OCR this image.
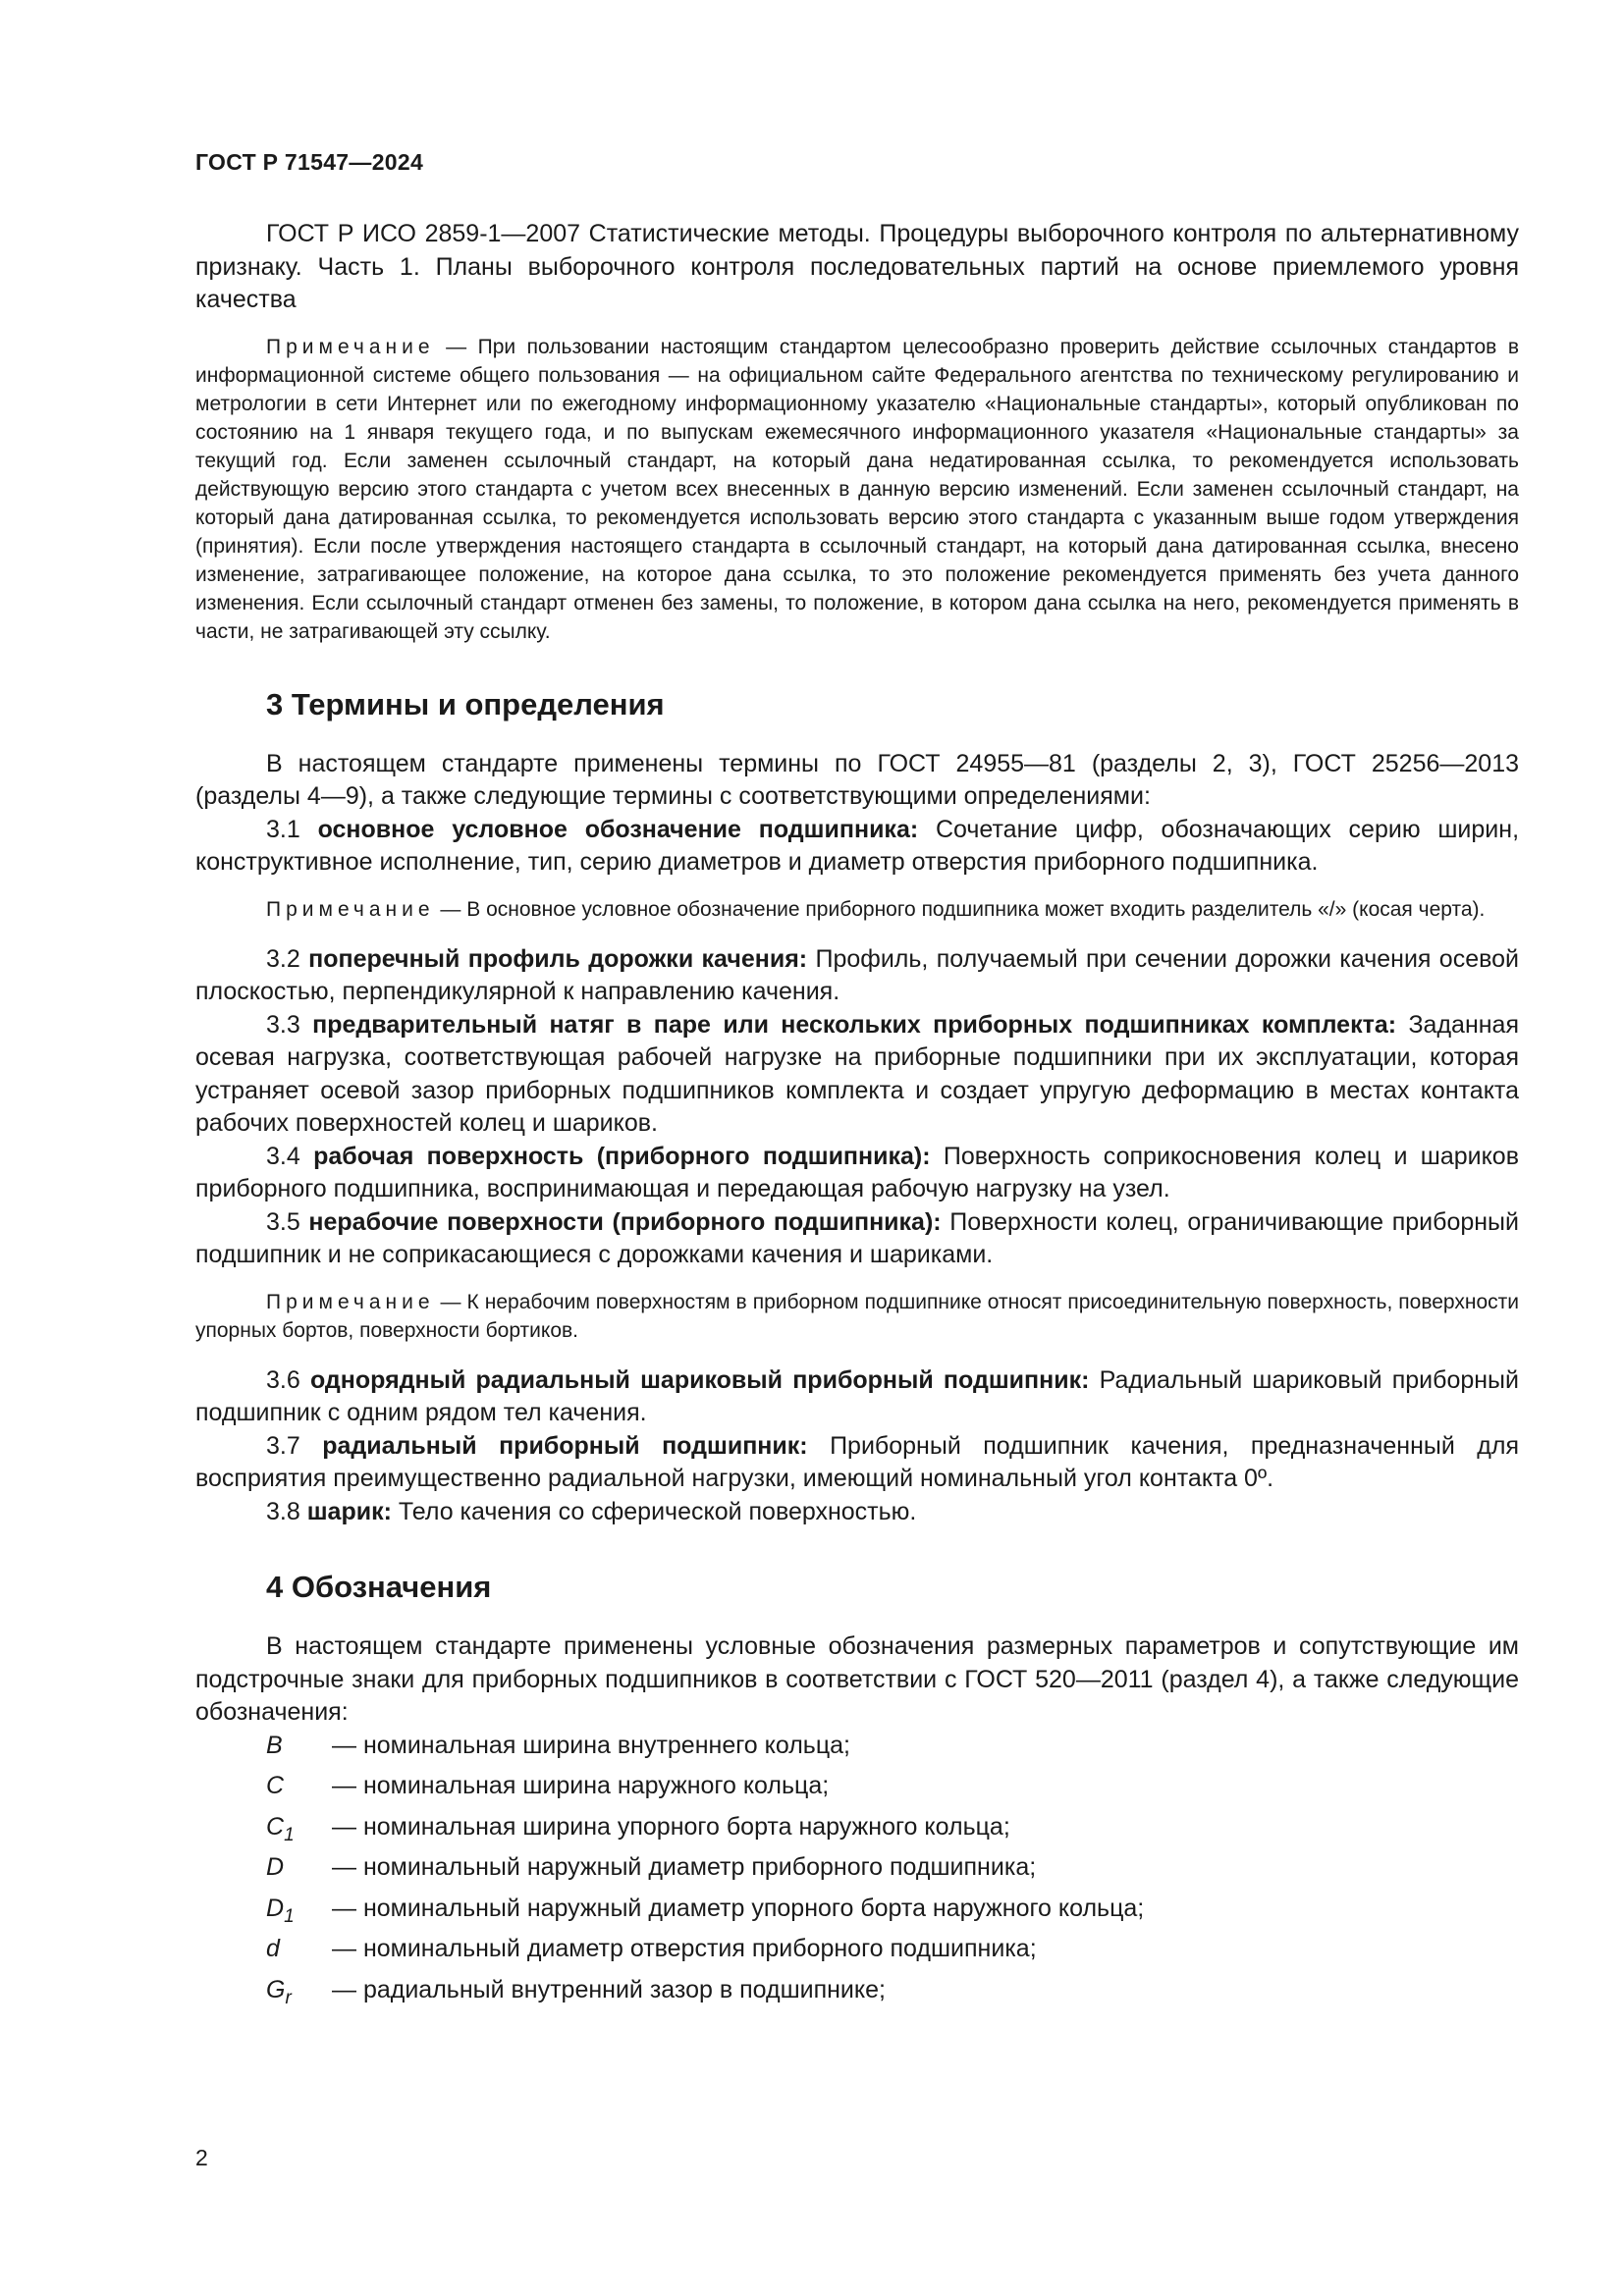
ГОСТ Р 71547—2024

ГОСТ Р ИСО 2859-1—2007 Статистические методы. Процедуры выборочного контроля по альтернативному признаку. Часть 1. Планы выборочного контроля последовательных партий на основе приемлемого уровня качества

Примечание — При пользовании настоящим стандартом целесообразно проверить действие ссылочных стандартов в информационной системе общего пользования — на официальном сайте Федерального агентства по техническому регулированию и метрологии в сети Интернет или по ежегодному информационному указателю «Национальные стандарты», который опубликован по состоянию на 1 января текущего года, и по выпускам ежемесячного информационного указателя «Национальные стандарты» за текущий год. Если заменен ссылочный стандарт, на который дана недатированная ссылка, то рекомендуется использовать действующую версию этого стандарта с учетом всех внесенных в данную версию изменений. Если заменен ссылочный стандарт, на который дана датированная ссылка, то рекомендуется использовать версию этого стандарта с указанным выше годом утверждения (принятия). Если после утверждения настоящего стандарта в ссылочный стандарт, на который дана датированная ссылка, внесено изменение, затрагивающее положение, на которое дана ссылка, то это положение рекомендуется применять без учета данного изменения. Если ссылочный стандарт отменен без замены, то положение, в котором дана ссылка на него, рекомендуется применять в части, не затрагивающей эту ссылку.

3 Термины и определения

В настоящем стандарте применены термины по ГОСТ 24955—81 (разделы 2, 3), ГОСТ 25256—2013 (разделы 4—9), а также следующие термины с соответствующими определениями:

3.1 основное условное обозначение подшипника: Сочетание цифр, обозначающих серию ширин, конструктивное исполнение, тип, серию диаметров и диаметр отверстия приборного подшипника.

Примечание — В основное условное обозначение приборного подшипника может входить разделитель «/» (косая черта).

3.2 поперечный профиль дорожки качения: Профиль, получаемый при сечении дорожки качения осевой плоскостью, перпендикулярной к направлению качения.

3.3 предварительный натяг в паре или нескольких приборных подшипниках комплекта: Заданная осевая нагрузка, соответствующая рабочей нагрузке на приборные подшипники при их эксплуатации, которая устраняет осевой зазор приборных подшипников комплекта и создает упругую деформацию в местах контакта рабочих поверхностей колец и шариков.

3.4 рабочая поверхность (приборного подшипника): Поверхность соприкосновения колец и шариков приборного подшипника, воспринимающая и передающая рабочую нагрузку на узел.

3.5 нерабочие поверхности (приборного подшипника): Поверхности колец, ограничивающие приборный подшипник и не соприкасающиеся с дорожками качения и шариками.

Примечание — К нерабочим поверхностям в приборном подшипнике относят присоединительную поверхность, поверхности упорных бортов, поверхности бортиков.

3.6 однорядный радиальный шариковый приборный подшипник: Радиальный шариковый приборный подшипник с одним рядом тел качения.

3.7 радиальный приборный подшипник: Приборный подшипник качения, предназначенный для восприятия преимущественно радиальной нагрузки, имеющий номинальный угол контакта 0º.

3.8 шарик: Тело качения со сферической поверхностью.

4 Обозначения

В настоящем стандарте применены условные обозначения размерных параметров и сопутствующие им подстрочные знаки для приборных подшипников в соответствии с ГОСТ 520—2011 (раздел 4), а также следующие обозначения:

B	— номинальная ширина внутреннего кольца;
C	— номинальная ширина наружного кольца;
$C_1$	— номинальная ширина упорного борта наружного кольца;
D	— номинальный наружный диаметр приборного подшипника;
$D_1$	— номинальный наружный диаметр упорного борта наружного кольца;
d	— номинальный диаметр отверстия приборного подшипника;
$G_r$	— радиальный внутренний зазор в подшипнике;
2
